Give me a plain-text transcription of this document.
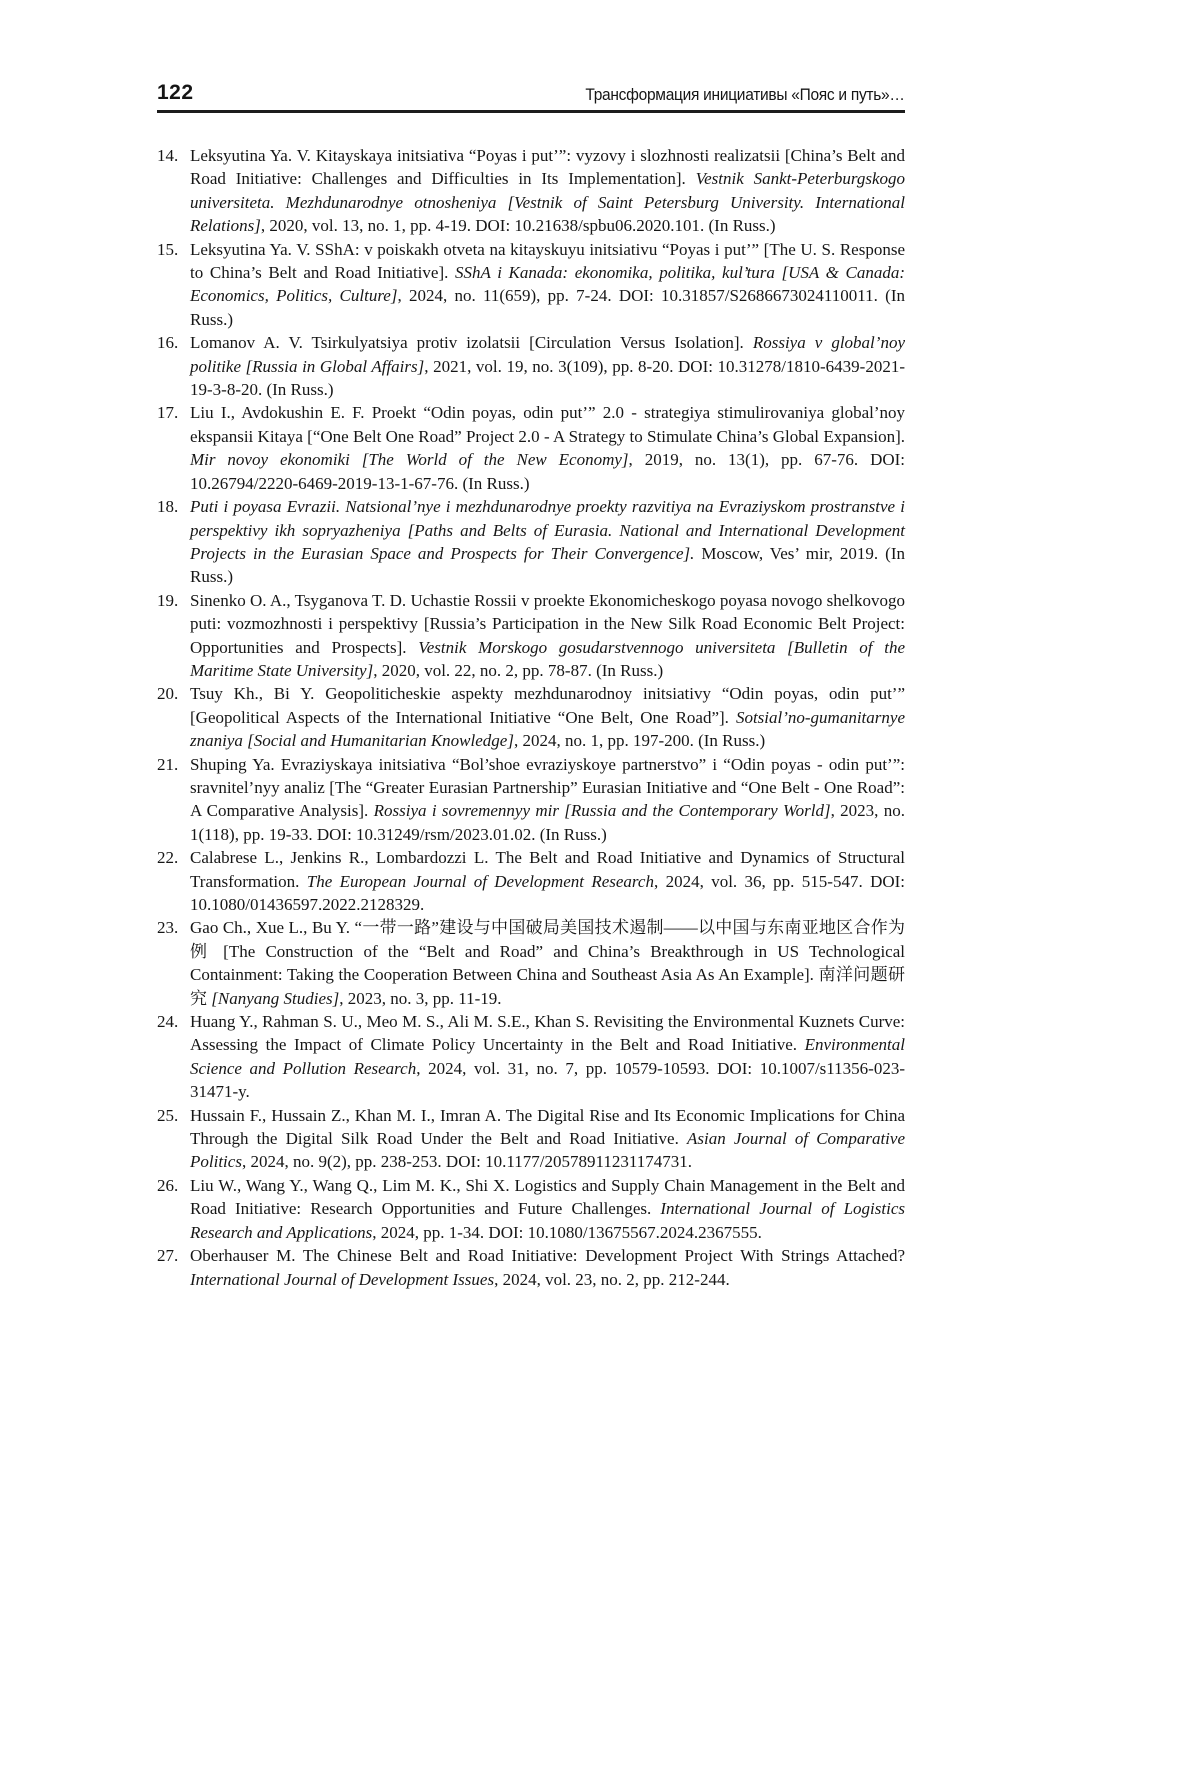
122	Трансформация инициативы «Пояс и путь»…
14. Leksyutina Ya. V. Kitayskaya initsiativa “Poyas i put’”: vyzovy i slozhnosti realizatsii [China’s Belt and Road Initiative: Challenges and Difficulties in Its Implementation]. Vestnik Sankt-Peterburgskogo universiteta. Mezhdunarodnye otnosheniya [Vestnik of Saint Petersburg University. International Relations], 2020, vol. 13, no. 1, pp. 4-19. DOI: 10.21638/spbu06.2020.101. (In Russ.)
15. Leksyutina Ya. V. SShA: v poiskakh otveta na kitayskuyu initsiativu “Poyas i put’” [The U. S. Response to China’s Belt and Road Initiative]. SShA i Kanada: ekonomika, politika, kul’tura [USA & Canada: Economics, Politics, Culture], 2024, no. 11(659), pp. 7-24. DOI: 10.31857/S2686673024110011. (In Russ.)
16. Lomanov A. V. Tsirkulyatsiya protiv izolatsii [Circulation Versus Isolation]. Rossiya v global’noy politike [Russia in Global Affairs], 2021, vol. 19, no. 3(109), pp. 8-20. DOI: 10.31278/1810-6439-2021-19-3-8-20. (In Russ.)
17. Liu I., Avdokushin E. F. Proekt “Odin poyas, odin put’” 2.0 - strategiya stimulirovaniya global’noy ekspansii Kitaya [“One Belt One Road” Project 2.0 - A Strategy to Stimulate China’s Global Expansion]. Mir novoy ekonomiki [The World of the New Economy], 2019, no. 13(1), pp. 67-76. DOI: 10.26794/2220-6469-2019-13-1-67-76. (In Russ.)
18. Puti i poyasa Evrazii. Natsional’nye i mezhdunarodnye proekty razvitiya na Evraziyskom prostranstve i perspektivy ikh sopryazheniya [Paths and Belts of Eurasia. National and International Development Projects in the Eurasian Space and Prospects for Their Convergence]. Moscow, Ves’ mir, 2019. (In Russ.)
19. Sinenko O. A., Tsyganova T. D. Uchastie Rossii v proekte Ekonomicheskogo poyasa novogo shelkovogo puti: vozmozhnosti i perspektivy [Russia’s Participation in the New Silk Road Economic Belt Project: Opportunities and Prospects]. Vestnik Morskogo gosudarstvennogo universiteta [Bulletin of the Maritime State University], 2020, vol. 22, no. 2, pp. 78-87. (In Russ.)
20. Tsuy Kh., Bi Y. Geopoliticheskie aspekty mezhdunarodnoy initsiativy “Odin poyas, odin put’” [Geopolitical Aspects of the International Initiative “One Belt, One Road”]. Sotsial’no-gumanitarnye znaniya [Social and Humanitarian Knowledge], 2024, no. 1, pp. 197-200. (In Russ.)
21. Shuping Ya. Evraziyskaya initsiativa “Bol’shoe evraziyskoye partnerstvo” i “Odin poyas - odin put’”: sravnitel’nyy analiz [The “Greater Eurasian Partnership” Eurasian Initiative and “One Belt - One Road”: A Comparative Analysis]. Rossiya i sovremennyy mir [Russia and the Contemporary World], 2023, no. 1(118), pp. 19-33. DOI: 10.31249/rsm/2023.01.02. (In Russ.)
22. Calabrese L., Jenkins R., Lombardozzi L. The Belt and Road Initiative and Dynamics of Structural Transformation. The European Journal of Development Research, 2024, vol. 36, pp. 515-547. DOI: 10.1080/01436597.2022.2128329.
23. Gao Ch., Xue L., Bu Y. “一带一路”建设与中国破局美国技术遏制——以中国与东南亚地区合作为例 [The Construction of the “Belt and Road” and China’s Breakthrough in US Technological Containment: Taking the Cooperation Between China and Southeast Asia As An Example]. 南洋问题研究 [Nanyang Studies], 2023, no. 3, pp. 11-19.
24. Huang Y., Rahman S. U., Meo M. S., Ali M. S.E., Khan S. Revisiting the Environmental Kuznets Curve: Assessing the Impact of Climate Policy Uncertainty in the Belt and Road Initiative. Environmental Science and Pollution Research, 2024, vol. 31, no. 7, pp. 10579-10593. DOI: 10.1007/s11356-023-31471-y.
25. Hussain F., Hussain Z., Khan M. I., Imran A. The Digital Rise and Its Economic Implications for China Through the Digital Silk Road Under the Belt and Road Initiative. Asian Journal of Comparative Politics, 2024, no. 9(2), pp. 238-253. DOI: 10.1177/20578911231174731.
26. Liu W., Wang Y., Wang Q., Lim M. K., Shi X. Logistics and Supply Chain Management in the Belt and Road Initiative: Research Opportunities and Future Challenges. International Journal of Logistics Research and Applications, 2024, pp. 1-34. DOI: 10.1080/13675567.2024.2367555.
27. Oberhauser M. The Chinese Belt and Road Initiative: Development Project With Strings Attached? International Journal of Development Issues, 2024, vol. 23, no. 2, pp. 212-244.
